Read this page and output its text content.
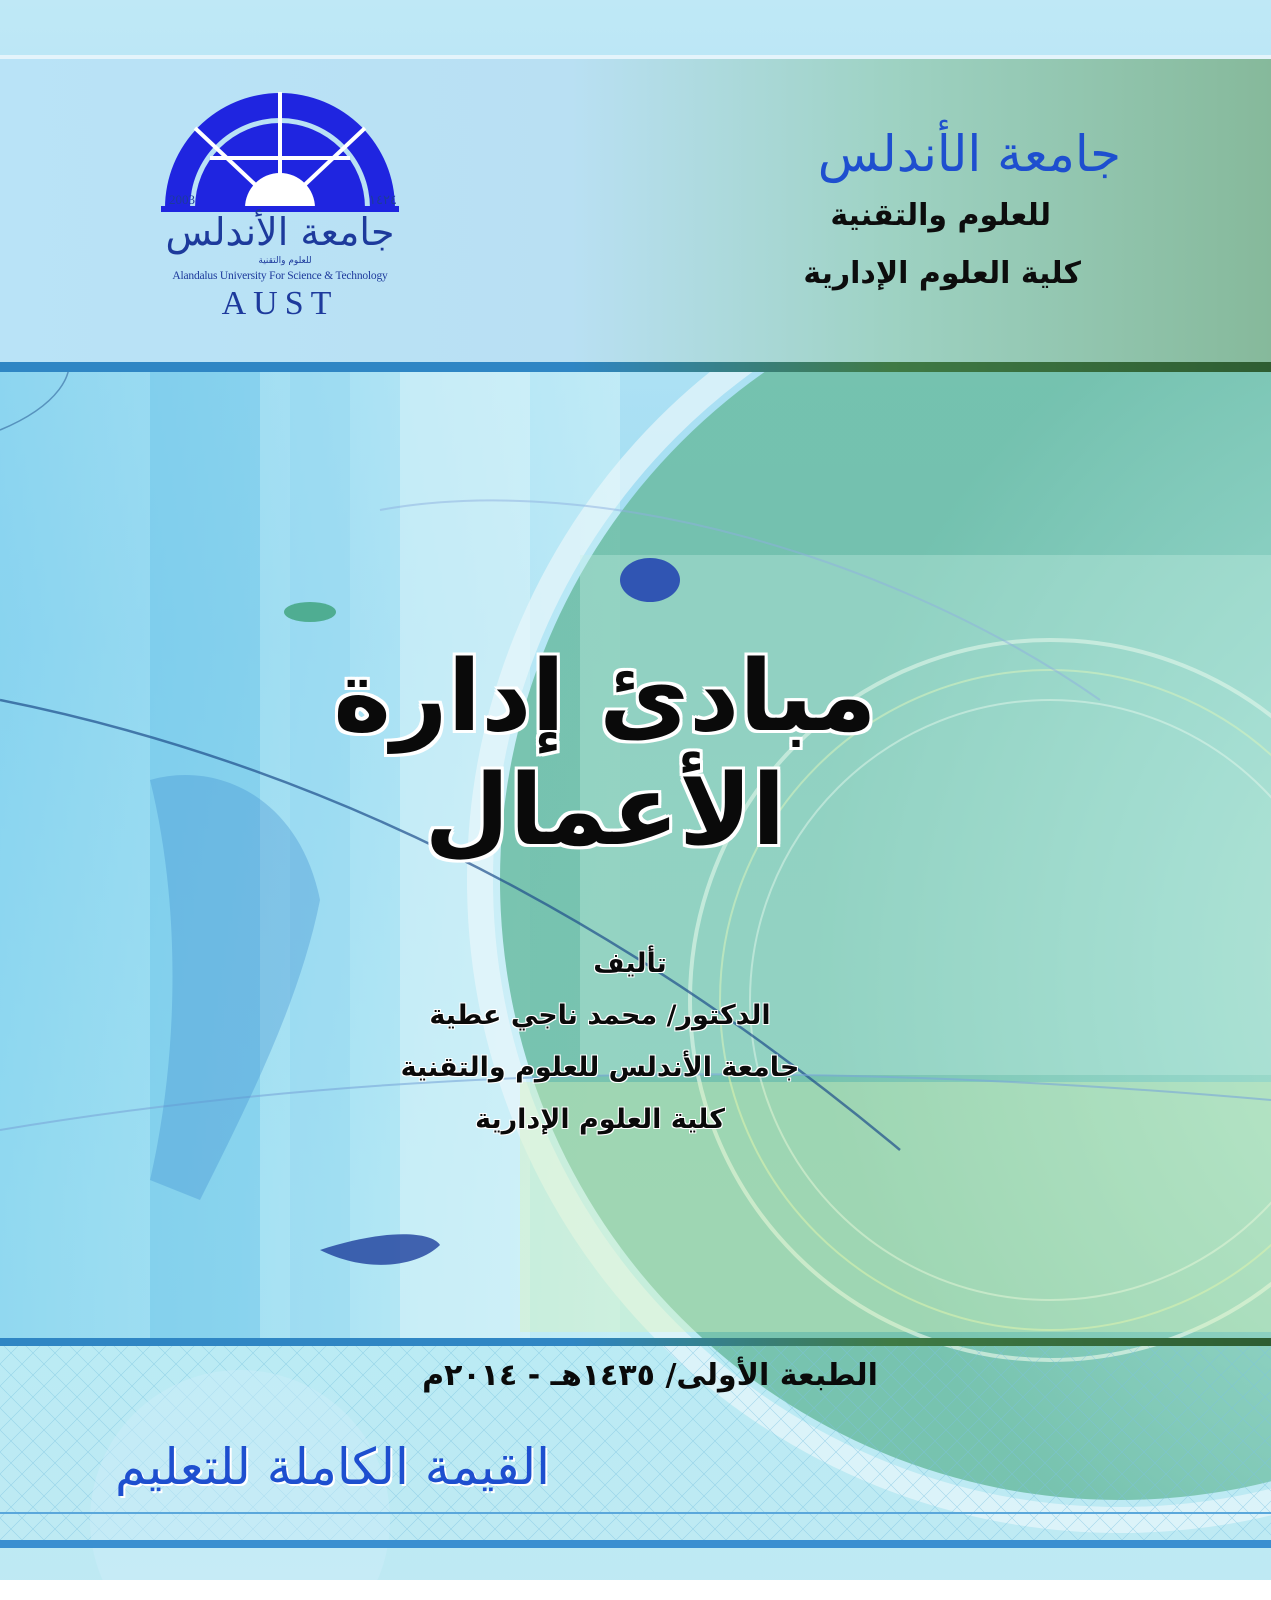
2003	١٤٢٤
جامعة الأندلس
للعلوم والتقنية
Alandalus University For Science & Technology
AUST
جامعة الأندلس
للعلوم والتقنية
كلية العلوم الإدارية
مبادئ إدارة الأعمال
تأليف
الدكتور/ محمد ناجي عطية
جامعة الأندلس للعلوم والتقنية
كلية العلوم الإدارية
الطبعة الأولى/ ١٤٣٥هـ - ٢٠١٤م
القيمة الكاملة للتعليم
